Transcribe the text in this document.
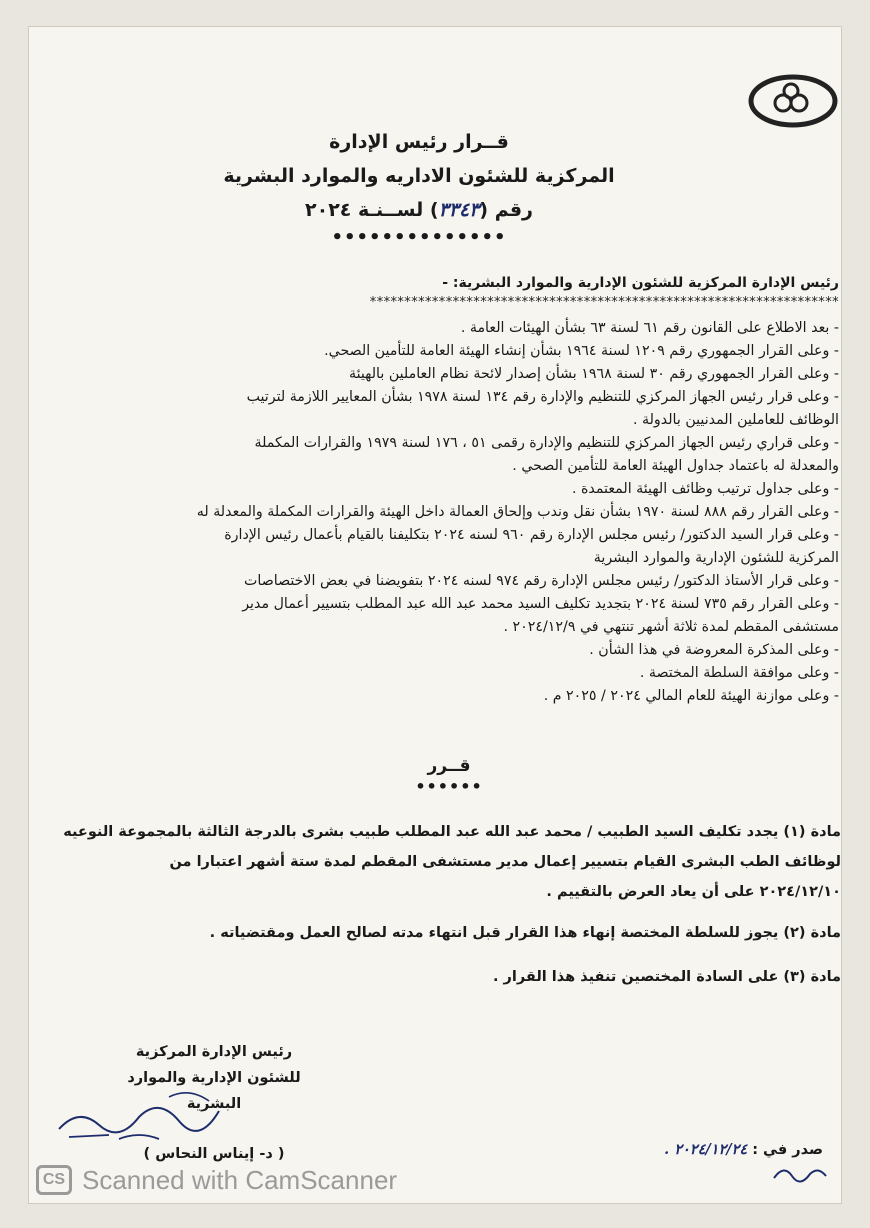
قــرار رئيس الإدارة
المركزية للشئون الاداريه والموارد البشرية
رقم (٣٣٤٣) لســنـة ٢٠٢٤
••••••••••••••
رئيس الإدارة المركزية للشئون الإدارية والموارد البشرية: -
********************************************************************
- بعد الاطلاع على القانون رقم ٦١ لسنة ٦٣ بشأن الهيئات العامة .
- وعلى القرار الجمهوري رقم ١٢٠٩ لسنة ١٩٦٤ بشأن إنشاء الهيئة العامة للتأمين الصحي.
- وعلى القرار الجمهوري رقم ٣٠ لسنة ١٩٦٨ بشأن إصدار لائحة نظام العاملين بالهيئة
- وعلى قرار رئيس الجهاز المركزي للتنظيم والإدارة رقم ١٣٤ لسنة ١٩٧٨ بشأن المعايير اللازمة لترتيب
الوظائف للعاملين المدنيين بالدولة .
- وعلى قراري رئيس الجهاز المركزي للتنظيم والإدارة رقمى ٥١ ، ١٧٦ لسنة ١٩٧٩ والقرارات المكملة
والمعدلة له باعتماد جداول الهيئة العامة للتأمين الصحي .
- وعلى جداول ترتيب وظائف الهيئة المعتمدة .
- وعلى القرار رقم ٨٨٨ لسنة ١٩٧٠ بشأن نقل وندب وإلحاق العمالة داخل الهيئة والقرارات المكملة والمعدلة له
- وعلى قرار السيد الدكتور/ رئيس مجلس الإدارة رقم ٩٦٠ لسنه ٢٠٢٤ بتكليفنا بالقيام بأعمال رئيس الإدارة
المركزية للشئون الإدارية والموارد البشرية
- وعلى قرار الأستاذ الدكتور/ رئيس مجلس الإدارة رقم ٩٧٤ لسنه ٢٠٢٤ بتفويضنا في بعض الاختصاصات
- وعلى القرار رقم ٧٣٥ لسنة ٢٠٢٤ بتجديد تكليف السيد محمد عبد الله عبد المطلب بتسيير أعمال مدير
مستشفى المقطم لمدة ثلاثة أشهر تنتهي في ٢٠٢٤/١٢/٩ .
- وعلى المذكرة المعروضة في هذا الشأن .
- وعلى موافقة السلطة المختصة .
- وعلى موازنة الهيئة للعام المالي ٢٠٢٤ / ٢٠٢٥ م .
قــرر
••••••
مادة (١) يجدد تكليف السيد الطبيب / محمد عبد الله عبد المطلب طبيب بشرى بالدرجة الثالثة بالمجموعة النوعيه
لوظائف الطب البشرى القيام بتسيير إعمال مدير مستشفى المقطم لمدة ستة أشهر اعتبارا من
٢٠٢٤/١٢/١٠ على أن يعاد العرض بالتقييم .
مادة (٢) يجوز للسلطة المختصة إنهاء هذا القرار قبل انتهاء مدته لصالح العمل ومقتضياته .
مادة (٣) على السادة المختصين تنفيذ هذا القرار .
رئيس الإدارة المركزية
للشئون الإدارية والموارد البشرية
( د- إيناس النحاس )	صدر في : ٢٠٢٤/١٢/٢٤ .
CS Scanned with CamScanner
